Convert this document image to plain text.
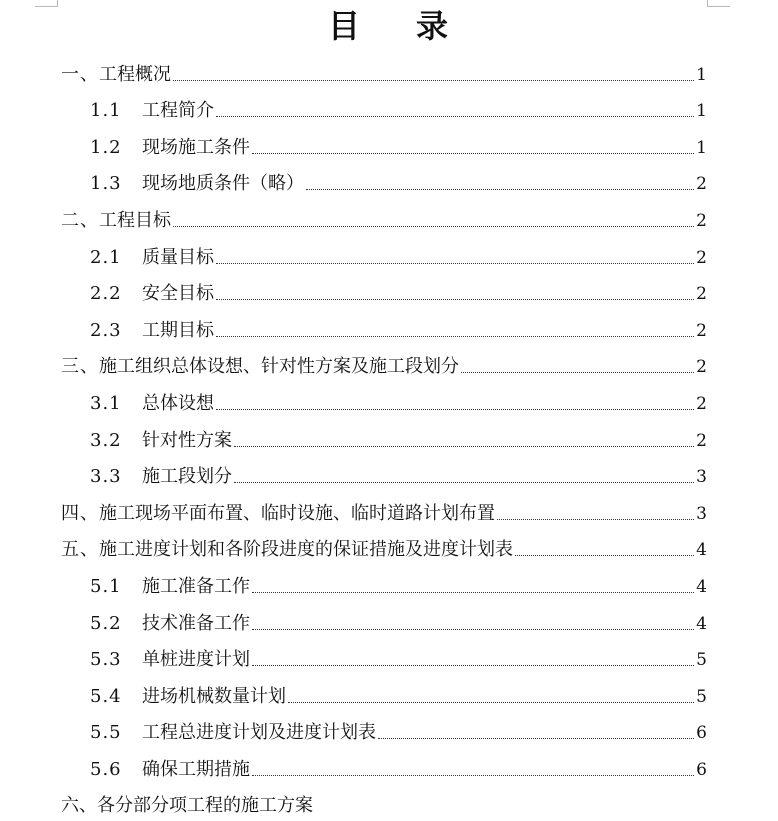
目 录
一、 工程概况	1
1.1	工程简介	1
1.2	现场施工条件	1
1.3	现场地质条件（略）	2
二、 工程目标	2
2.1	质量目标	2
2.2	安全目标	2
2.3	工期目标	2
三、 施工组织总体设想、针对性方案及施工段划分	2
3.1	总体设想	2
3.2	针对性方案	2
3.3	施工段划分	3
四、 施工现场平面布置、临时设施、临时道路计划布置	3
五、 施工进度计划和各阶段进度的保证措施及进度计划表	4
5.1	施工准备工作	4
5.2	技术准备工作	4
5.3	单桩进度计划	5
5.4	进场机械数量计划	5
5.5	工程总进度计划及进度计划表	6
5.6	确保工期措施	6
六、 各分部分项工程的施工方案
